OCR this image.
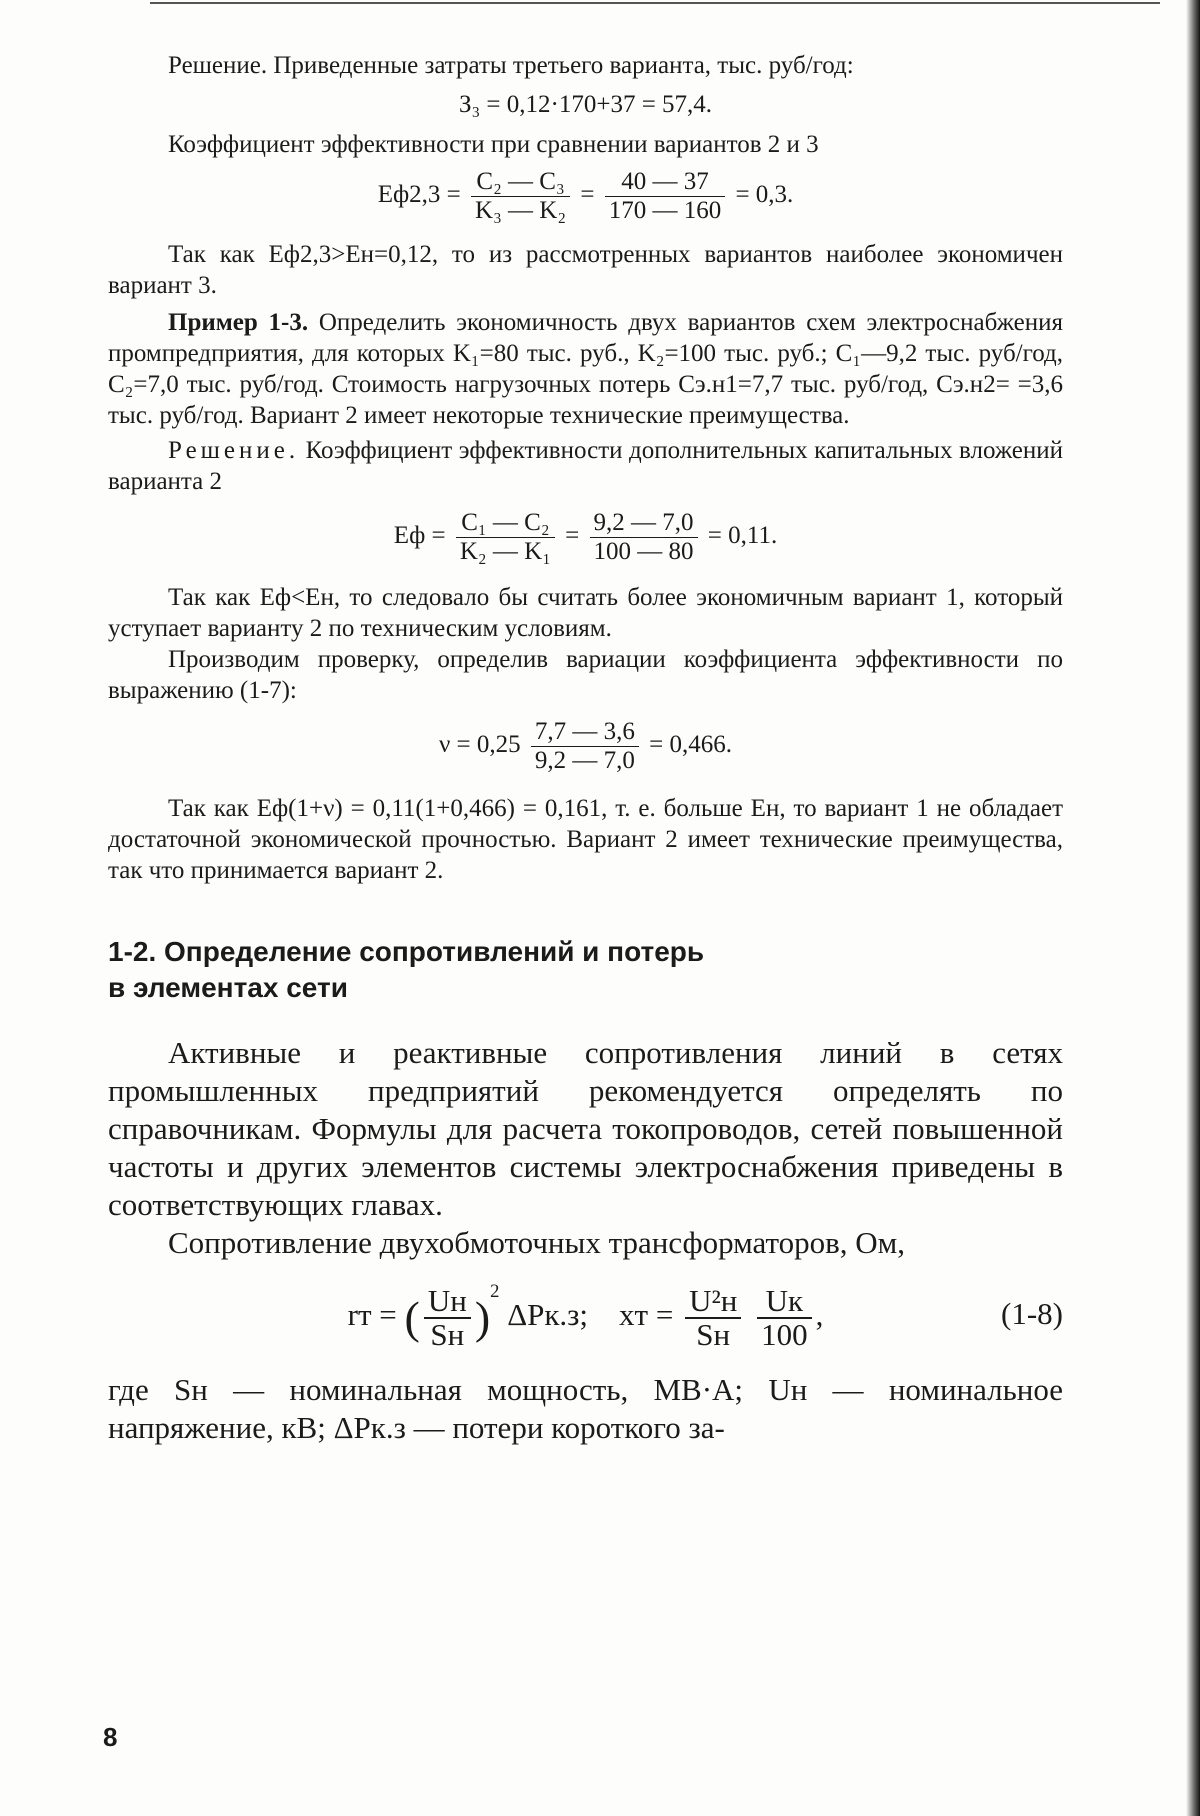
Решение. Приведенные затраты третьего варианта, тыс. руб/год:

З₃ = 0,12·170+37 = 57,4.

Коэффициент эффективности при сравнении вариантов 2 и 3

Eф2,3 = C₂ — C₃
K₃ — K₂
=	40 — 37
170 — 160
= 0,3.

Так как Eф2,3>Eн=0,12, то из рассмотренных вариантов наиболее экономичен вариант 3.

Пример 1-3. Определить экономичность двух вариантов схем электроснабжения промпредприятия, для которых K₁=80 тыс. руб., K₂=100 тыс. руб.; C₁—9,2 тыс. руб/год, C₂=7,0 тыс. руб/год. Стоимость нагрузочных потерь Cэ.н1=7,7 тыс. руб/год, Cэ.н2= =3,6 тыс. руб/год. Вариант 2 имеет некоторые технические преимущества.

Решение. Коэффициент эффективности дополнительных капитальных вложений варианта 2

Eф = C₁ — C₂
K₂ — K₁
= 9,2 — 7,0
100 — 80
= 0,11.

Так как Eф<Eн, то следовало бы считать более экономичным вариант 1, который уступает варианту 2 по техническим условиям.

Производим проверку, определив вариации коэффициента эффективности по выражению (1-7):

ν = 0,25 7,7 — 3,6
9,2 — 7,0
= 0,466.

Так как Eф(1+ν) = 0,11(1+0,466) = 0,161, т. е. больше Eн, то вариант 1 не обладает достаточной экономической прочностью. Вариант 2 имеет технические преимущества, так что принимается вариант 2.

1-2. Определение сопротивлений и потерь
в элементах сети

Активные и реактивные сопротивления линий в сетях промышленных предприятий рекомендуется определять по справочникам. Формулы для расчета токопроводов, сетей повышенной частоты и других элементов системы электроснабжения приведены в соответствующих главах.

Сопротивление двухобмоточных трансформаторов, Ом,

rт = ( Uн
Sн )2 ΔPк.з; xт = U²н
Sн

Uк
100
,	(1-8)

где Sн — номинальная мощность, МВ·А; Uн — номинальное напряжение, кВ; ΔPк.з — потери короткого за-

8
